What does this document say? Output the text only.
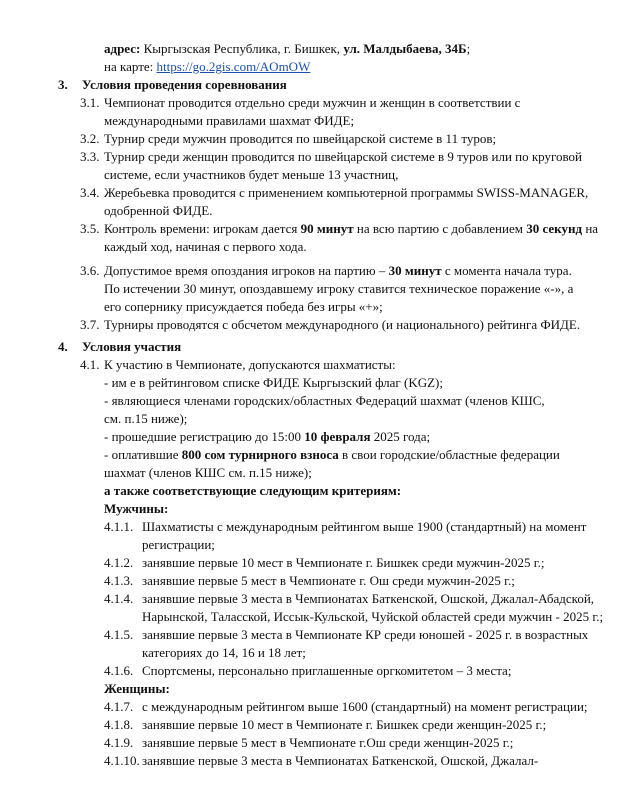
адрес: Кыргызская Республика, г. Бишкек, ул. Малдыбаева, 34Б;
на карте: https://go.2gis.com/AOmOW
3. Условия проведения соревнования
3.1. Чемпионат проводится отдельно среди мужчин и женщин в соответствии с
международными правилами шахмат ФИДЕ;
3.2. Турнир среди мужчин проводится по швейцарской системе в 11 туров;
3.3. Турнир среди женщин проводится по швейцарской системе в 9 туров или по круговой
системе, если участников будет меньше 13 участниц,
3.4. Жеребьевка проводится с применением компьютерной программы SWISS-MANAGER,
одобренной ФИДЕ.
3.5. Контроль времени: игрокам дается 90 минут на всю партию с добавлением 30 секунд на
каждый ход, начиная с первого хода.
3.6. Допустимое время опоздания игроков на партию – 30 минут с момента начала тура.
По истечении 30 минут, опоздавшему игроку ставится техническое поражение «-», а
его сопернику присуждается победа без игры «+»;
3.7. Турниры проводятся с обсчетом международного (и национального) рейтинга ФИДЕ.
4. Условия участия
4.1. К участию в Чемпионате, допускаются шахматисты:
- им е в рейтинговом списке ФИДЕ Кыргызский флаг (KGZ);
- являющиеся членами городских/областных Федераций шахмат (членов КШС,
см. п.15 ниже);
- прошедшие регистрацию до 15:00 10 февраля 2025 года;
- оплатившие 800 сом турнирного взноса в свои городские/областные федерации
шахмат (членов КШС см. п.15 ниже);
а также соответствующие следующим критериям:
Мужчины:
4.1.1. Шахматисты с международным рейтингом выше 1900 (стандартный) на момент
регистрации;
4.1.2. занявшие первые 10 мест в Чемпионате г. Бишкек среди мужчин-2025 г.;
4.1.3. занявшие первые 5 мест в Чемпионате г. Ош среди мужчин-2025 г.;
4.1.4. занявшие первые 3 места в Чемпионатах Баткенской, Ошской, Джалал-Абадской,
Нарынской, Таласской, Иссык-Кульской, Чуйской областей среди мужчин - 2025 г.;
4.1.5. занявшие первые 3 места в Чемпионате КР среди юношей - 2025 г. в возрастных
категориях до 14, 16 и 18 лет;
4.1.6. Спортсмены, персонально приглашенные оргкомитетом – 3 места;
Женщины:
4.1.7. с международным рейтингом выше 1600 (стандартный) на момент регистрации;
4.1.8. занявшие первые 10 мест в Чемпионате г. Бишкек среди женщин-2025 г.;
4.1.9. занявшие первые 5 мест в Чемпионате г.Ош среди женщин-2025 г.;
4.1.10. занявшие первые 3 места в Чемпионатах Баткенской, Ошской, Джалал-
